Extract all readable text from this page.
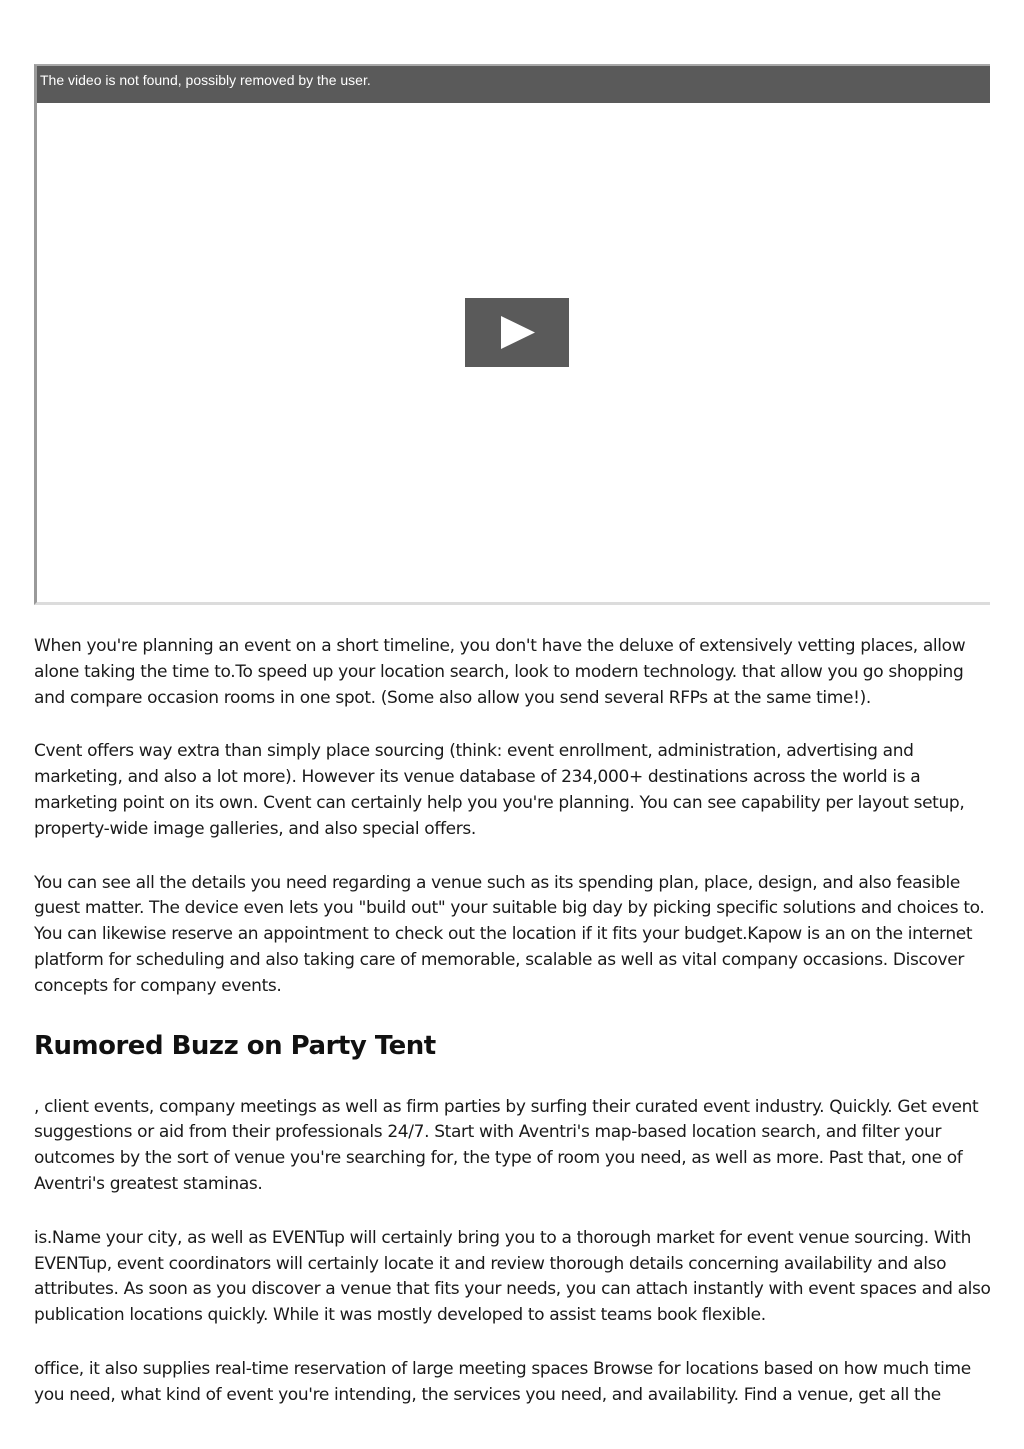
The video is not found, possibly removed by the user.

When you're planning an event on a short timeline, you don't have the deluxe of extensively vetting places, allow alone taking the time to.To speed up your location search, look to modern technology. that allow you go shopping and compare occasion rooms in one spot. (Some also allow you send several RFPs at the same time!).

Cvent offers way extra than simply place sourcing (think: event enrollment, administration, advertising and marketing, and also a lot more). However its venue database of 234,000+ destinations across the world is a marketing point on its own. Cvent can certainly help you you're planning. You can see capability per layout setup, property-wide image galleries, and also special offers.

You can see all the details you need regarding a venue such as its spending plan, place, design, and also feasible guest matter. The device even lets you "build out" your suitable big day by picking specific solutions and choices to. You can likewise reserve an appointment to check out the location if it fits your budget.Kapow is an on the internet platform for scheduling and also taking care of memorable, scalable as well as vital company occasions. Discover concepts for company events.

Rumored Buzz on Party Tent

, client events, company meetings as well as firm parties by surfing their curated event industry. Quickly. Get event suggestions or aid from their professionals 24/7. Start with Aventri's map-based location search, and filter your outcomes by the sort of venue you're searching for, the type of room you need, as well as more. Past that, one of Aventri's greatest staminas.

is.Name your city, as well as EVENTup will certainly bring you to a thorough market for event venue sourcing. With EVENTup, event coordinators will certainly locate it and review thorough details concerning availability and also attributes. As soon as you discover a venue that fits your needs, you can attach instantly with event spaces and also publication locations quickly. While it was mostly developed to assist teams book flexible.

office, it also supplies real-time reservation of large meeting spaces Browse for locations based on how much time you need, what kind of event you're intending, the services you need, and availability. Find a venue, get all the
